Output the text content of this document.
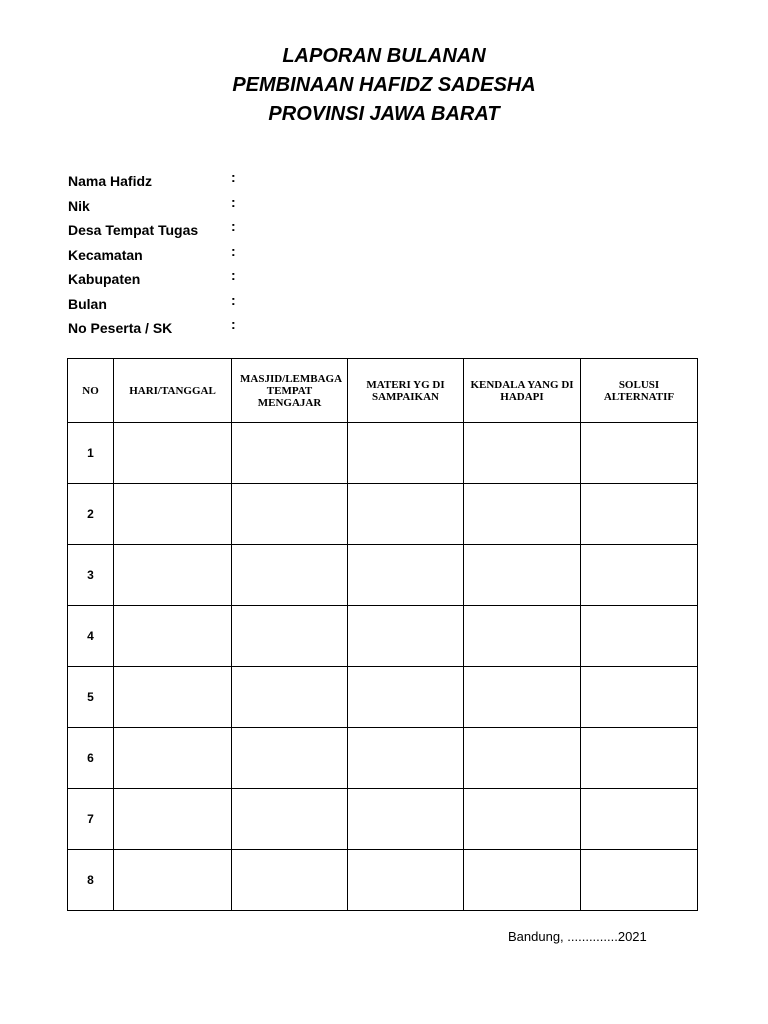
LAPORAN BULANAN
PEMBINAAN HAFIDZ SADESHA
PROVINSI JAWA BARAT
Nama Hafidz	:
Nik	:
Desa Tempat Tugas :
Kecamatan	:
Kabupaten	:
Bulan	:
No Peserta / SK	:
NO	HARI/TANGGAL	MASJID/LEMBAGA TEMPAT MENGAJAR	MATERI YG DI SAMPAIKAN	KENDALA YANG DI HADAPI	SOLUSI ALTERNATIF
1					
2					
3					
4					
5					
6					
7					
8					
Bandung, ..............2021
